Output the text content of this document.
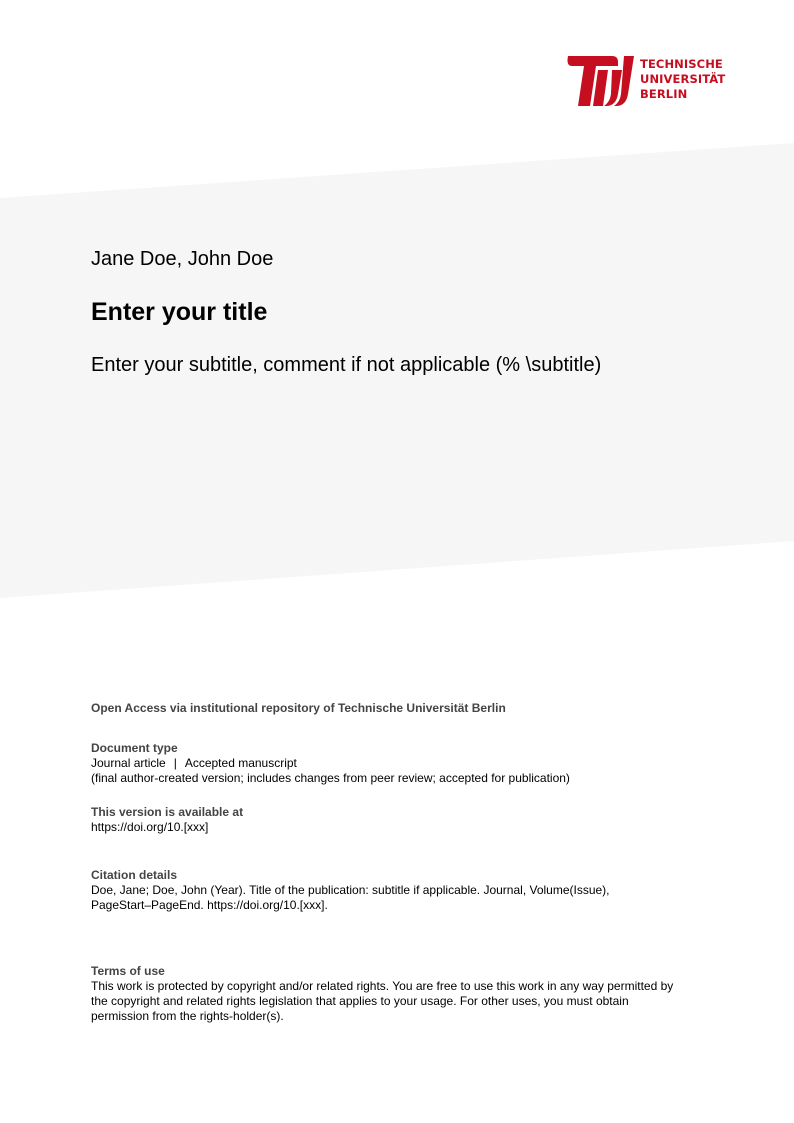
TECHNISCHE
UNIVERSITÄT
BERLIN
Jane Doe, John Doe
Enter your title
Enter your subtitle, comment if not applicable (% \subtitle)
Open Access via institutional repository of Technische Universität Berlin
Document type
Journal article | Accepted manuscript
(final author-created version; includes changes from peer review; accepted for publication)
This version is available at
https://doi.org/10.[xxx]
Citation details
Doe, Jane; Doe, John (Year). Title of the publication: subtitle if applicable. Journal, Volume(Issue),
PageStart–PageEnd. https://doi.org/10.[xxx].
Terms of use
This work is protected by copyright and/or related rights. You are free to use this work in any way permitted by
the copyright and related rights legislation that applies to your usage. For other uses, you must obtain
permission from the rights-holder(s).
